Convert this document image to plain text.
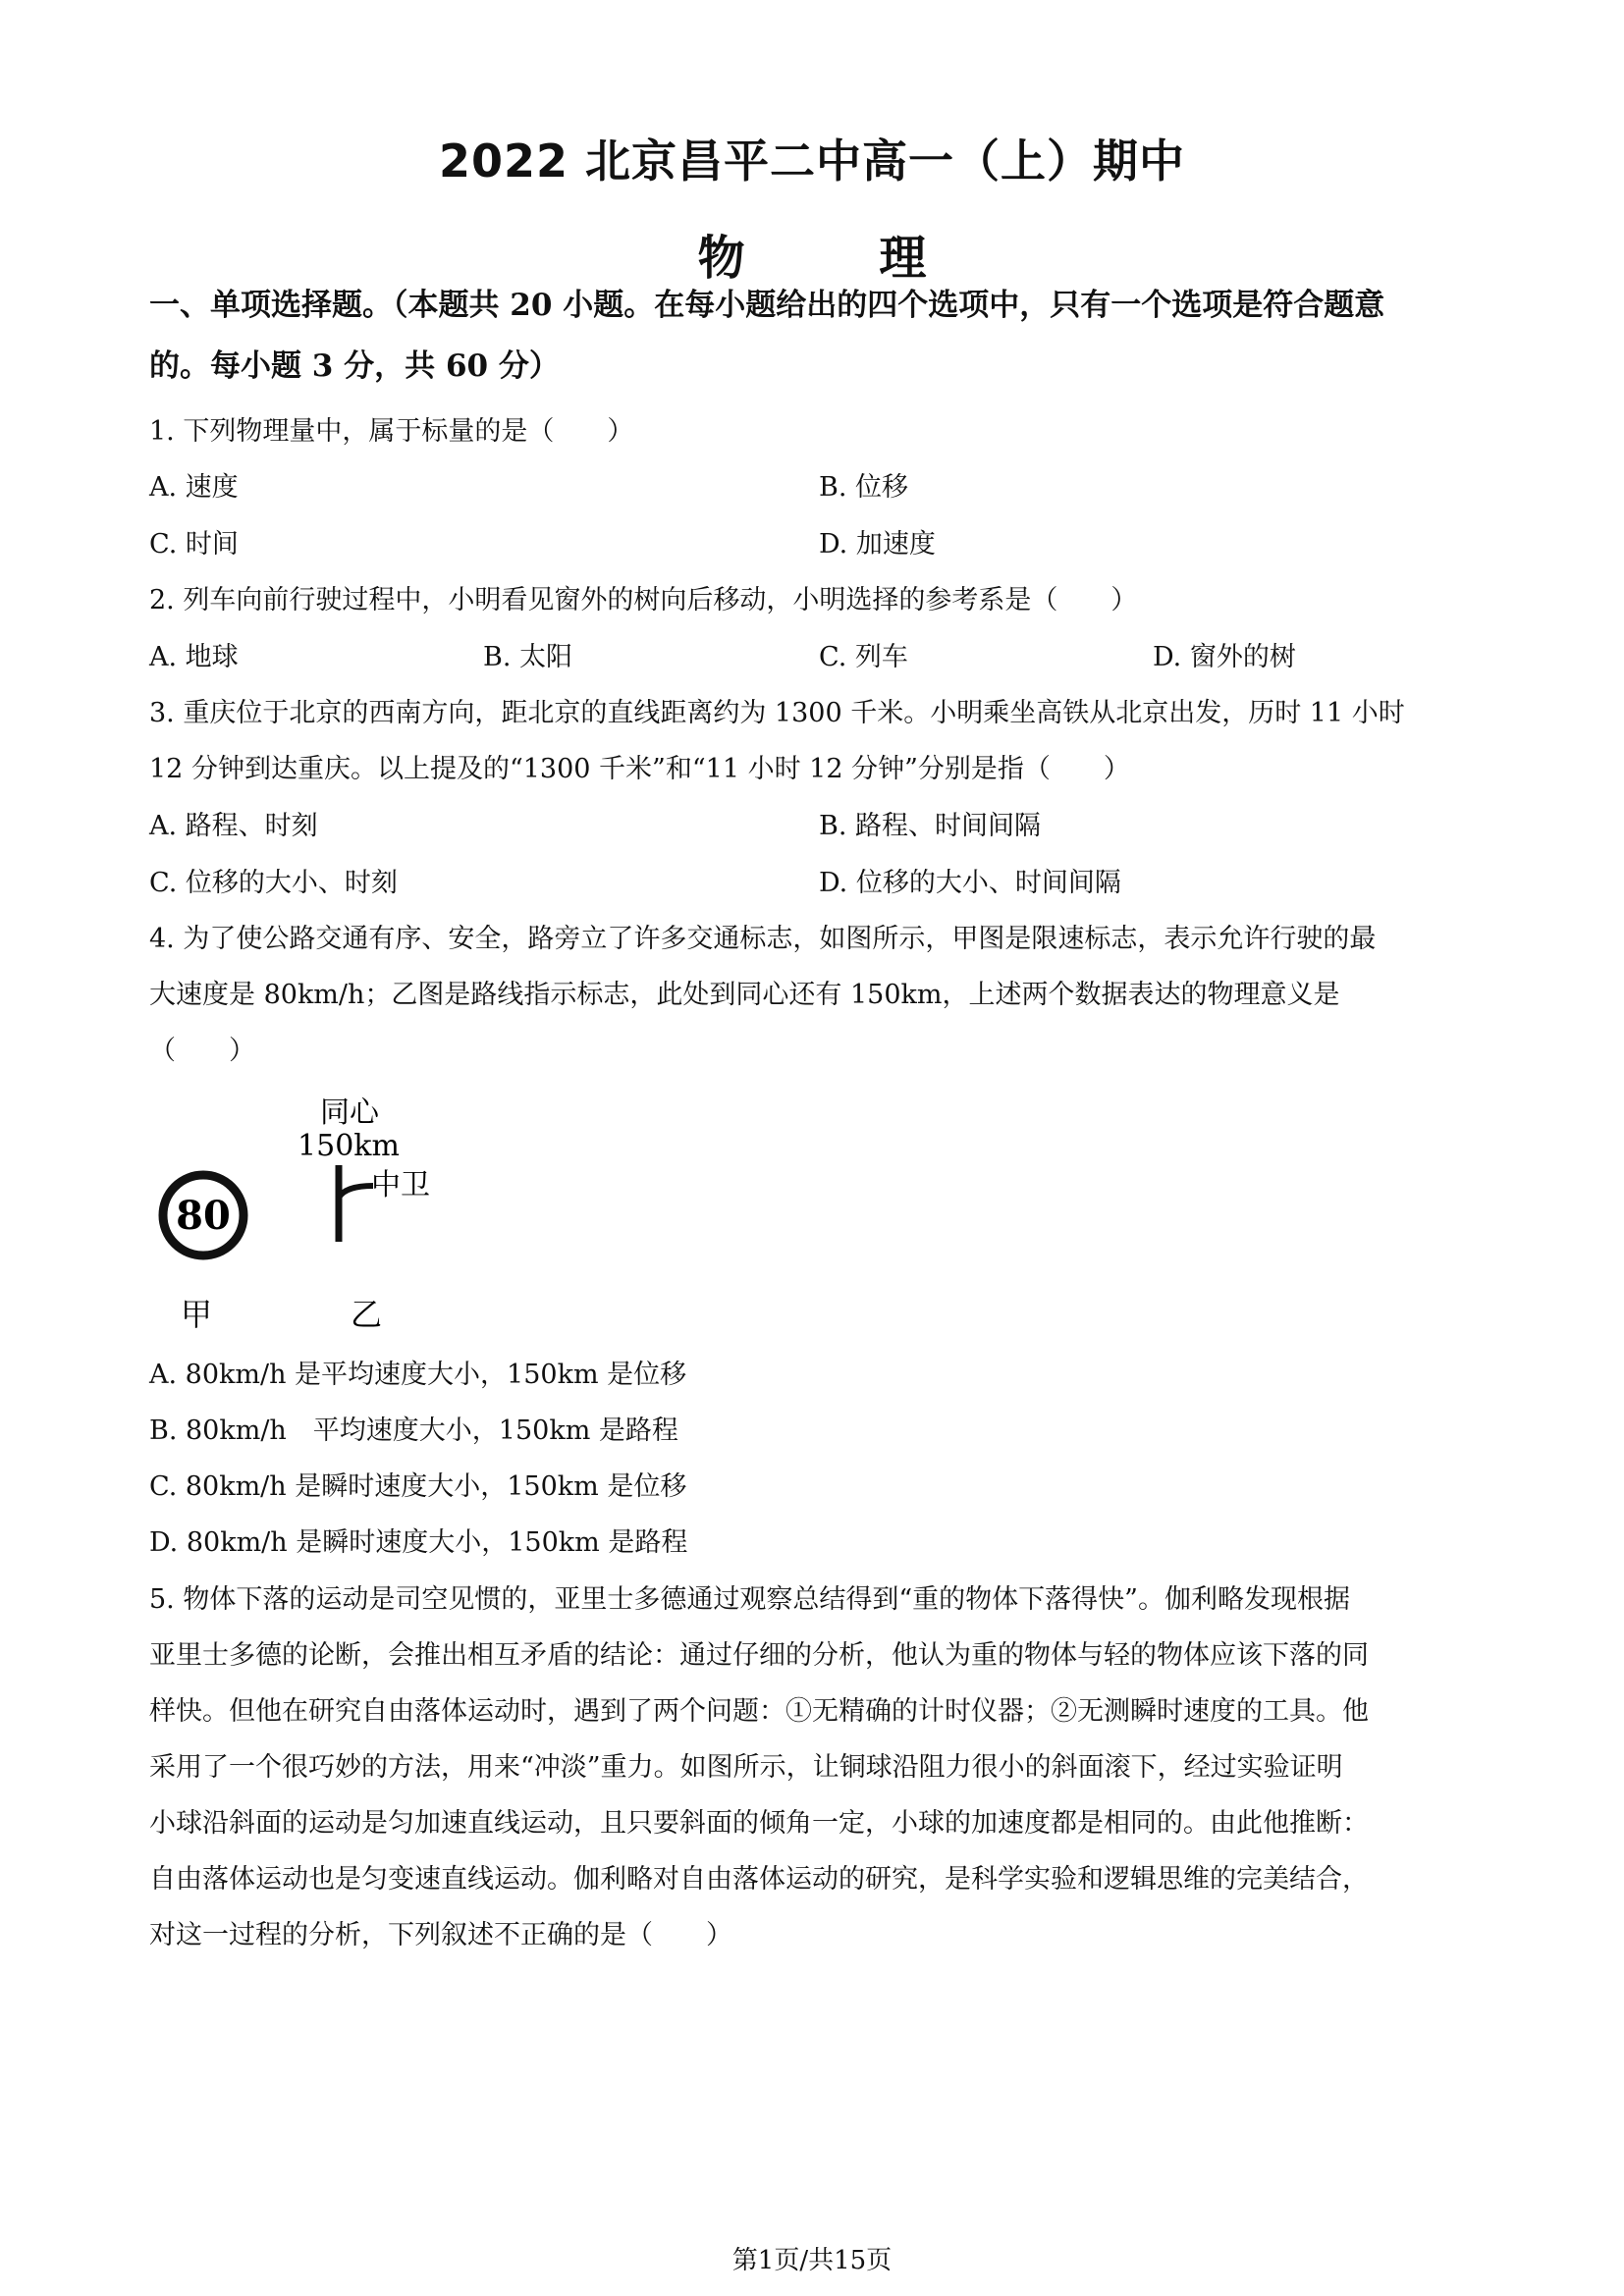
2022 北京昌平二中高一（上）期中
物 理
一、单项选择题。（本题共 20 小题。在每小题给出的四个选项中，只有一个选项是符合题意
的。每小题 3 分，共 60 分）
1. 下列物理量中，属于标量的是（　　）
A. 速度	B. 位移
C. 时间	D. 加速度
2. 列车向前行驶过程中，小明看见窗外的树向后移动，小明选择的参考系是（　　）
A. 地球	B. 太阳	C. 列车	D. 窗外的树
3. 重庆位于北京的西南方向，距北京的直线距离约为 1300 千米。小明乘坐高铁从北京出发，历时 11 小时
12 分钟到达重庆。以上提及的“1300 千米”和“11 小时 12 分钟”分别是指（　　）
A. 路程、时刻	B. 路程、时间间隔
C. 位移的大小、时刻	D. 位移的大小、时间间隔
4. 为了使公路交通有序、安全，路旁立了许多交通标志，如图所示，甲图是限速标志，表示允许行驶的最
大速度是 80km/h；乙图是路线指示标志，此处到同心还有 150km，上述两个数据表达的物理意义是
（　　）
80
同心
150km
中卫
甲	乙
A. 80km/h 是平均速度大小，150km 是位移
B. 80km/h　平均速度大小，150km 是路程
C. 80km/h 是瞬时速度大小，150km 是位移
D. 80km/h 是瞬时速度大小，150km 是路程
5. 物体下落的运动是司空见惯的，亚里士多德通过观察总结得到“重的物体下落得快”。伽利略发现根据
亚里士多德的论断，会推出相互矛盾的结论：通过仔细的分析，他认为重的物体与轻的物体应该下落的同
样快。但他在研究自由落体运动时，遇到了两个问题：①无精确的计时仪器；②无测瞬时速度的工具。他
采用了一个很巧妙的方法，用来“冲淡”重力。如图所示，让铜球沿阻力很小的斜面滚下，经过实验证明
小球沿斜面的运动是匀加速直线运动，且只要斜面的倾角一定，小球的加速度都是相同的。由此他推断：
自由落体运动也是匀变速直线运动。伽利略对自由落体运动的研究，是科学实验和逻辑思维的完美结合，
对这一过程的分析，下列叙述不正确的是（　　）
第1页/共15页
